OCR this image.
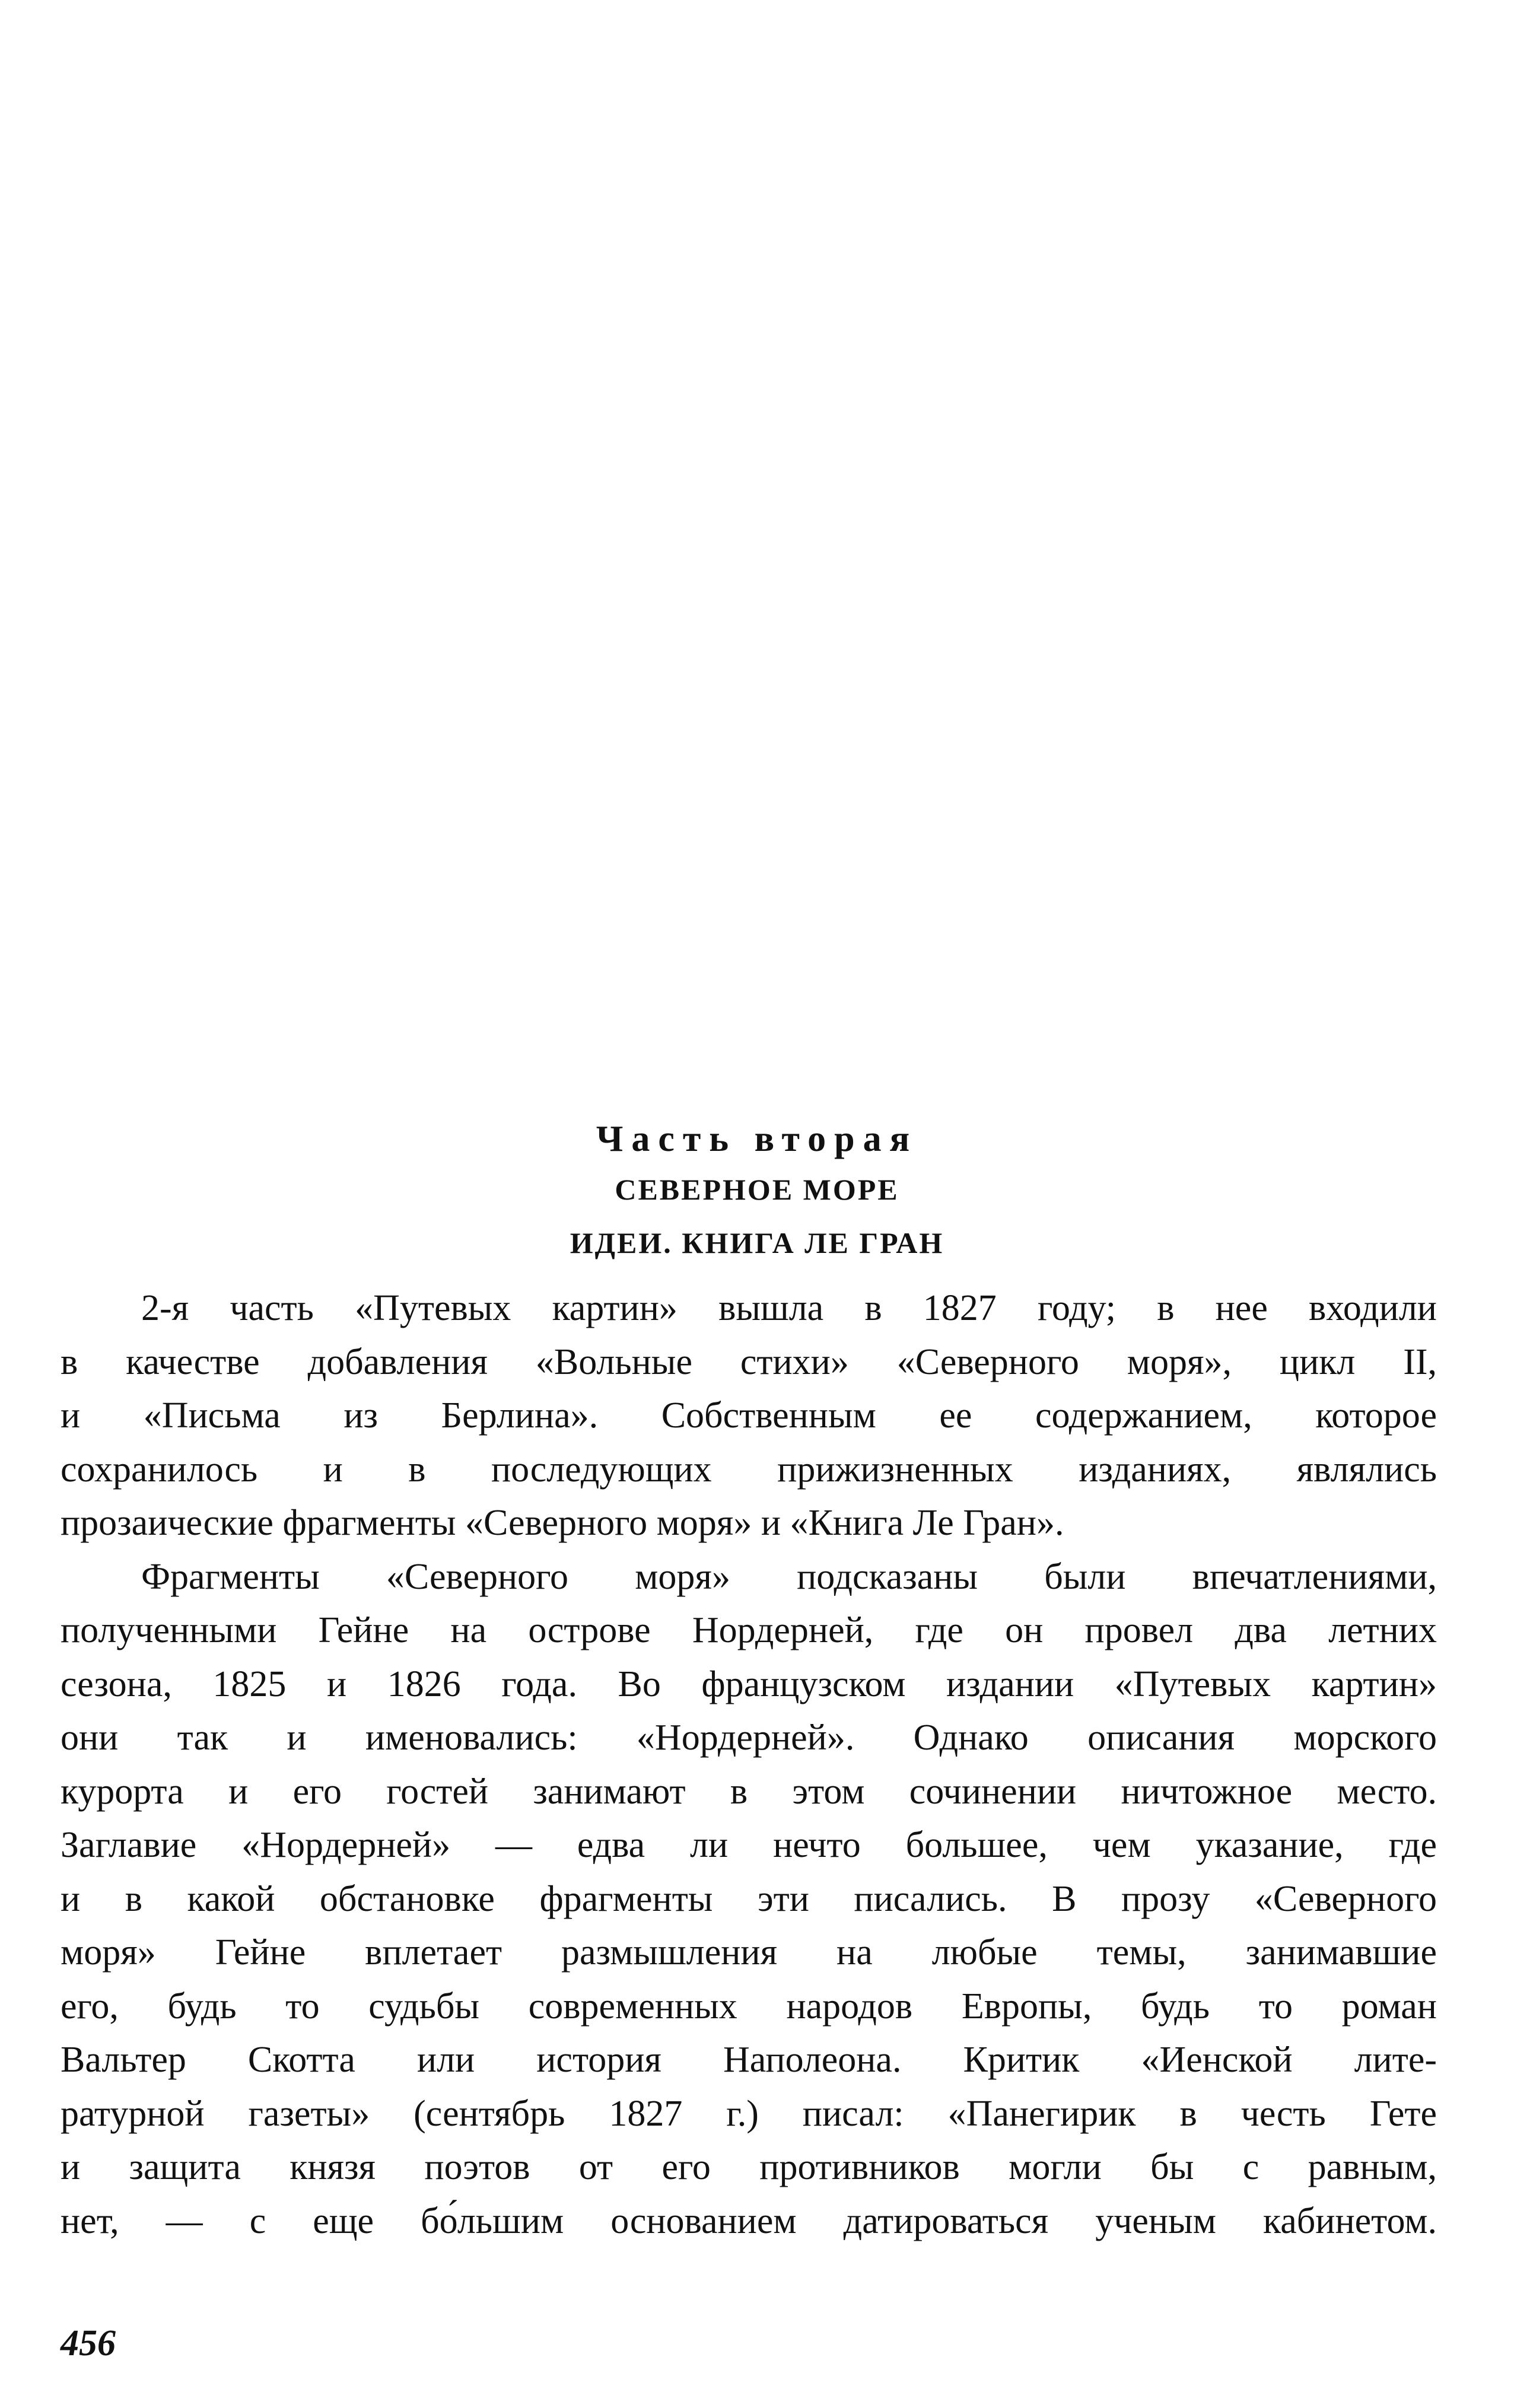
Часть вторая

СЕВЕРНОЕ МОРЕ

ИДЕИ. КНИГА ЛЕ ГРАН

2-я часть «Путевых картин» вышла в 1827 году; в нее входили
в качестве добавления «Вольные стихи» «Северного моря», цикл II,
и «Письма из Берлина». Собственным ее содержанием, которое
сохранилось и в последующих прижизненных изданиях, являлись
прозаические фрагменты «Северного моря» и «Книга Ле Гран».
Фрагменты «Северного моря» подсказаны были впечатлениями,
полученными Гейне на острове Нордерней, где он провел два летних
сезона, 1825 и 1826 года. Во французском издании «Путевых картин»
они так и именовались: «Нордерней». Однако описания морского
курорта и его гостей занимают в этом сочинении ничтожное место.
Заглавие «Нордерней» — едва ли нечто большее, чем указание, где
и в какой обстановке фрагменты эти писались. В прозу «Северного
моря» Гейне вплетает размышления на любые темы, занимавшие
его, будь то судьбы современных народов Европы, будь то роман
Вальтер Скотта или история Наполеона. Критик «Иенской лите-
ратурной газеты» (сентябрь 1827 г.) писал: «Панегирик в честь Гете
и защита князя поэтов от его противников могли бы с равным,
нет, — с еще бо́льшим основанием датироваться ученым кабинетом.
456
